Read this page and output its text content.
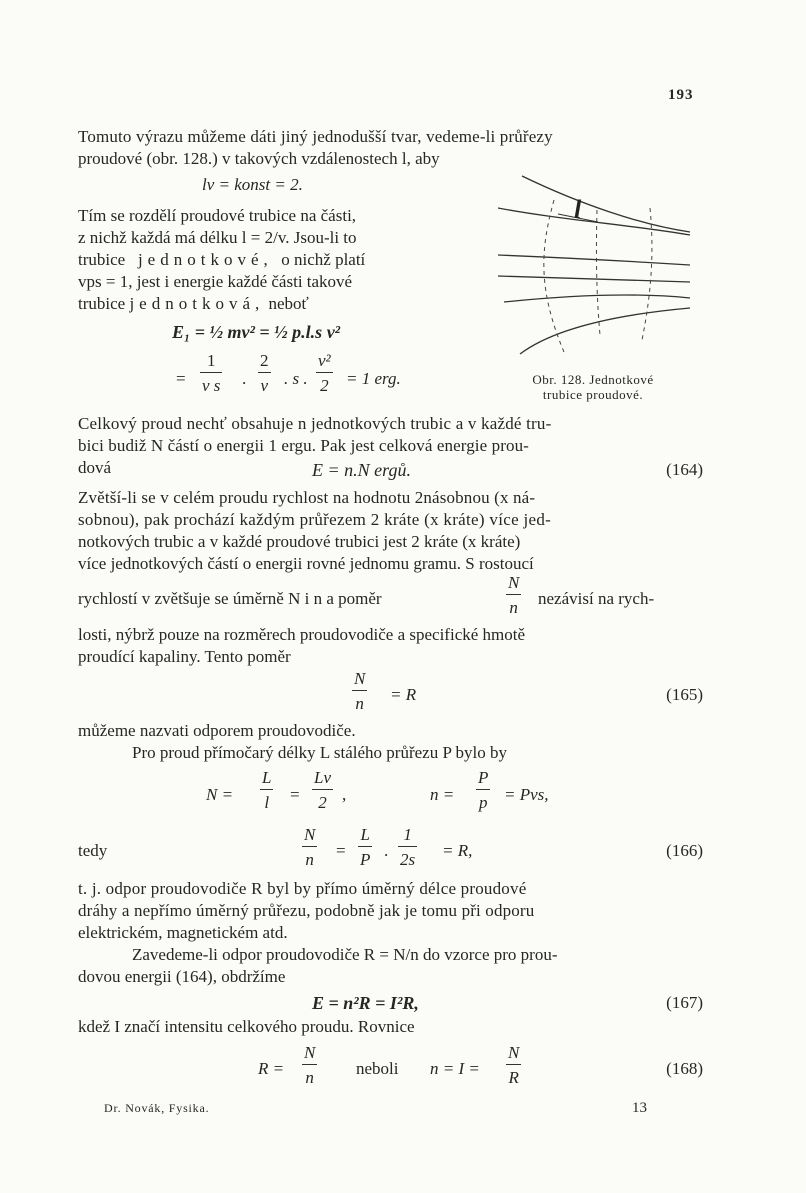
193
Tomuto výrazu můžeme dáti jiný jednodušší tvar, vedeme-li průřezy
proudové (obr. 128.) v takových vzdálenostech l, aby
lv = konst = 2.
Tím se rozdělí proudové trubice na části,
z nichž každá má délku l = 2/v. Jsou-li to
trubice jednotkové, o nichž platí
vps = 1, jest i energie každé části takové
trubice jednotková, neboť
E₁ = ½ mv² = ½ p.l.s v²
= $\frac{1}{\text{v s}}$ . $\frac{2}{v}$ . s . $\frac{\text{v²}}{2} = 1$ erg.
l
Obr. 128. Jednotkové
trubice proudové.
Celkový proud nechť obsahuje n jednotkových trubic a v každé tru-
bici budiž N částí o energii 1 ergu. Pak jest celková energie prou-
dová	E = n.N ergů.	(164)
Zvětší-li se v celém proudu rychlost na hodnotu 2násobnou (x ná-
sobnou), pak prochází každým průřezem 2 kráte (x kráte) více jed-
notkových trubic a v každé proudové trubici jest 2 kráte (x kráte)
více jednotkových částí o energii rovné jednomu gramu. S rostoucí
rychlostí v zvětšuje se úměrně N i n a poměr	$\frac{N}{n}$ nezávisí na rych-
losti, nýbrž pouze na rozměrech proudovodiče a specifické hmotě
proudící kapaliny. Tento poměr
$\frac{N}{n} = R$	(165)
můžeme nazvati odporem proudovodiče.
Pro proud přímočarý délky L stálého průřezu P bylo by
$N = \frac{L}{l} = \frac{Lv}{2}$ ,	$n = \frac{P}{p}$ = Pvs,
tedy	$\frac{N}{n} = \frac{L}{P}$ . $\frac{1}{2s} = R$,	(166)
t. j. odpor proudovodiče R byl by přímo úměrný délce proudové
dráhy a nepřímo úměrný průřezu, podobně jak je tomu při odporu
elektrickém, magnetickém atd.
Zavedeme-li odpor proudovodiče R = N/n do vzorce pro prou-
dovou energii (164), obdržíme
E = n²R = I²R,	(167)
kdež I značí intensitu celkového proudu. Rovnice
$R = \frac{N}{n}$ neboli $n = I = \frac{N}{R}$	(168)
Dr. Novák, Fysika.	13
